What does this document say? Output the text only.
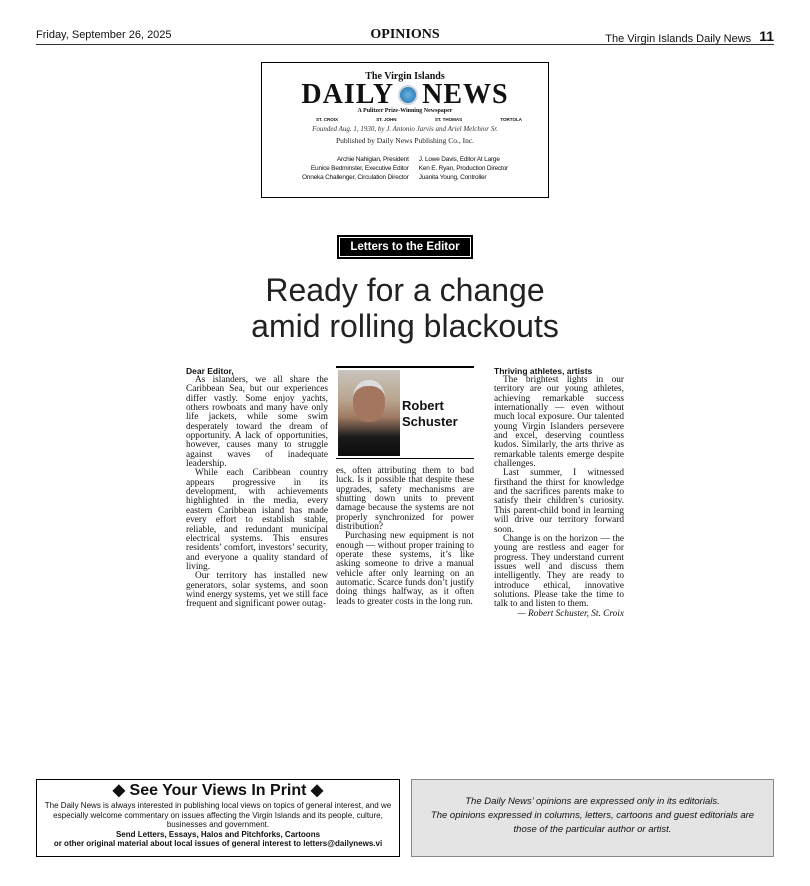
Friday, September 26, 2025	OPINIONS	The Virgin Islands Daily News 11
The Virgin Islands
DAILY NEWS
A Pulitzer Prize-Winning Newspaper
ST. CROIX	ST. JOHN	ST. THOMAS	TORTOLA
Founded Aug. 1, 1930, by J. Antonio Jarvis and Ariel Melchior Sr.
Published by Daily News Publishing Co., Inc.
Archie Nahigian, President
Eunice Bedminster, Executive Editor
Onneka Challenger, Circulation Director
J. Lowe Davis, Editor At Large
Ken E. Ryan, Production Director
Juanita Young, Controller
Letters to the Editor
Ready for a change
amid rolling blackouts
Dear Editor,

As islanders, we all share the Caribbean Sea, but our experiences differ vastly. Some enjoy yachts, others rowboats and many have only life jackets, while some swim desperately toward the dream of opportunity. A lack of opportunities, however, causes many to struggle against waves of inadequate leadership.

While each Caribbean country appears progressive in its development, with achievements highlighted in the media, every eastern Caribbean island has made every effort to establish stable, reliable, and redundant municipal electrical systems. This ensures residents’ comfort, investors’ security, and everyone a quality standard of living.

Our territory has installed new generators, solar systems, and soon wind energy systems, yet we still face frequent and significant power outag-

Robert
Schuster

es, often attributing them to bad luck. Is it possible that despite these upgrades, safety mechanisms are shutting down units to prevent damage because the systems are not properly synchronized for power distribution?

Purchasing new equipment is not enough — without proper training to operate these systems, it’s like asking someone to drive a manual vehicle after only learning on an automatic. Scarce funds don’t justify doing things halfway, as it often leads to greater costs in the long run.

Thriving athletes, artists

The brightest lights in our territory are our young athletes, achieving remarkable success internationally — even without much local exposure. Our talented young Virgin Islanders persevere and excel, deserving countless kudos. Similarly, the arts thrive as remarkable talents emerge despite challenges.

Last summer, I witnessed firsthand the thirst for knowledge and the sacrifices parents make to satisfy their children’s curiosity. This parent-child bond in learning will drive our territory forward soon.

Change is on the horizon — the young are restless and eager for progress. They understand current issues well and discuss them intelligently. They are ready to introduce ethical, innovative solutions. Please take the time to talk to and listen to them.

— Robert Schuster, St. Croix
◆ See Your Views In Print ◆
The Daily News is always interested in publishing local views on topics of general interest, and we especially welcome commentary on issues affecting the Virgin Islands and its people, culture, businesses and government.
Send Letters, Essays, Halos and Pitchforks, Cartoons
or other original material about local issues of general interest to letters@dailynews.vi
The Daily News’ opinions are expressed only in its editorials.
The opinions expressed in columns, letters, cartoons and guest editorials are those of the particular author or artist.
